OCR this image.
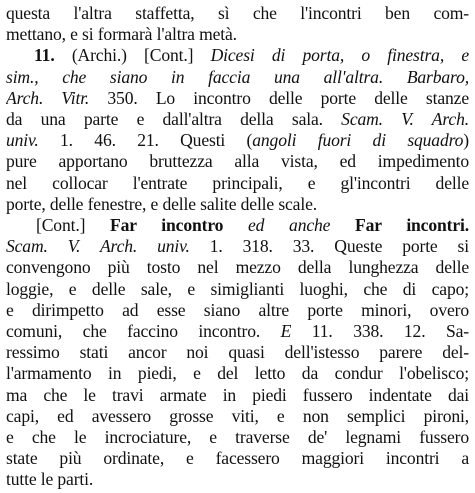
questa l'altra staffetta, sì che l'incontri ben com-
mettano, e si formarà l'altra metà.
11. (Archi.) [Cont.] Dicesi di porta, o finestra, e
sim., che siano in faccia una all'altra. Barbaro,
Arch. Vitr. 350. Lo incontro delle porte delle stanze
da una parte e dall'altra della sala. Scam. V. Arch.
univ. 1. 46. 21. Questi (angoli fuori di squadro)
pure apportano bruttezza alla vista, ed impedimento
nel collocar l'entrate principali, e gl'incontri delle
porte, delle fenestre, e delle salite delle scale.
[Cont.] Far incontro ed anche Far incontri.
Scam. V. Arch. univ. 1. 318. 33. Queste porte si
convengono più tosto nel mezzo della lunghezza delle
loggie, e delle sale, e simiglianti luoghi, che di capo;
e dirimpetto ad esse siano altre porte minori, overo
comuni, che faccino incontro. E 11. 338. 12. Sa-
ressimo stati ancor noi quasi dell'istesso parere del-
l'armamento in piedi, e del letto da condur l'obelisco;
ma che le travi armate in piedi fussero indentate dai
capi, ed avessero grosse viti, e non semplici pironi,
e che le incrociature, e traverse de' legnami fussero
state più ordinate, e facessero maggiori incontri a
tutte le parti.
